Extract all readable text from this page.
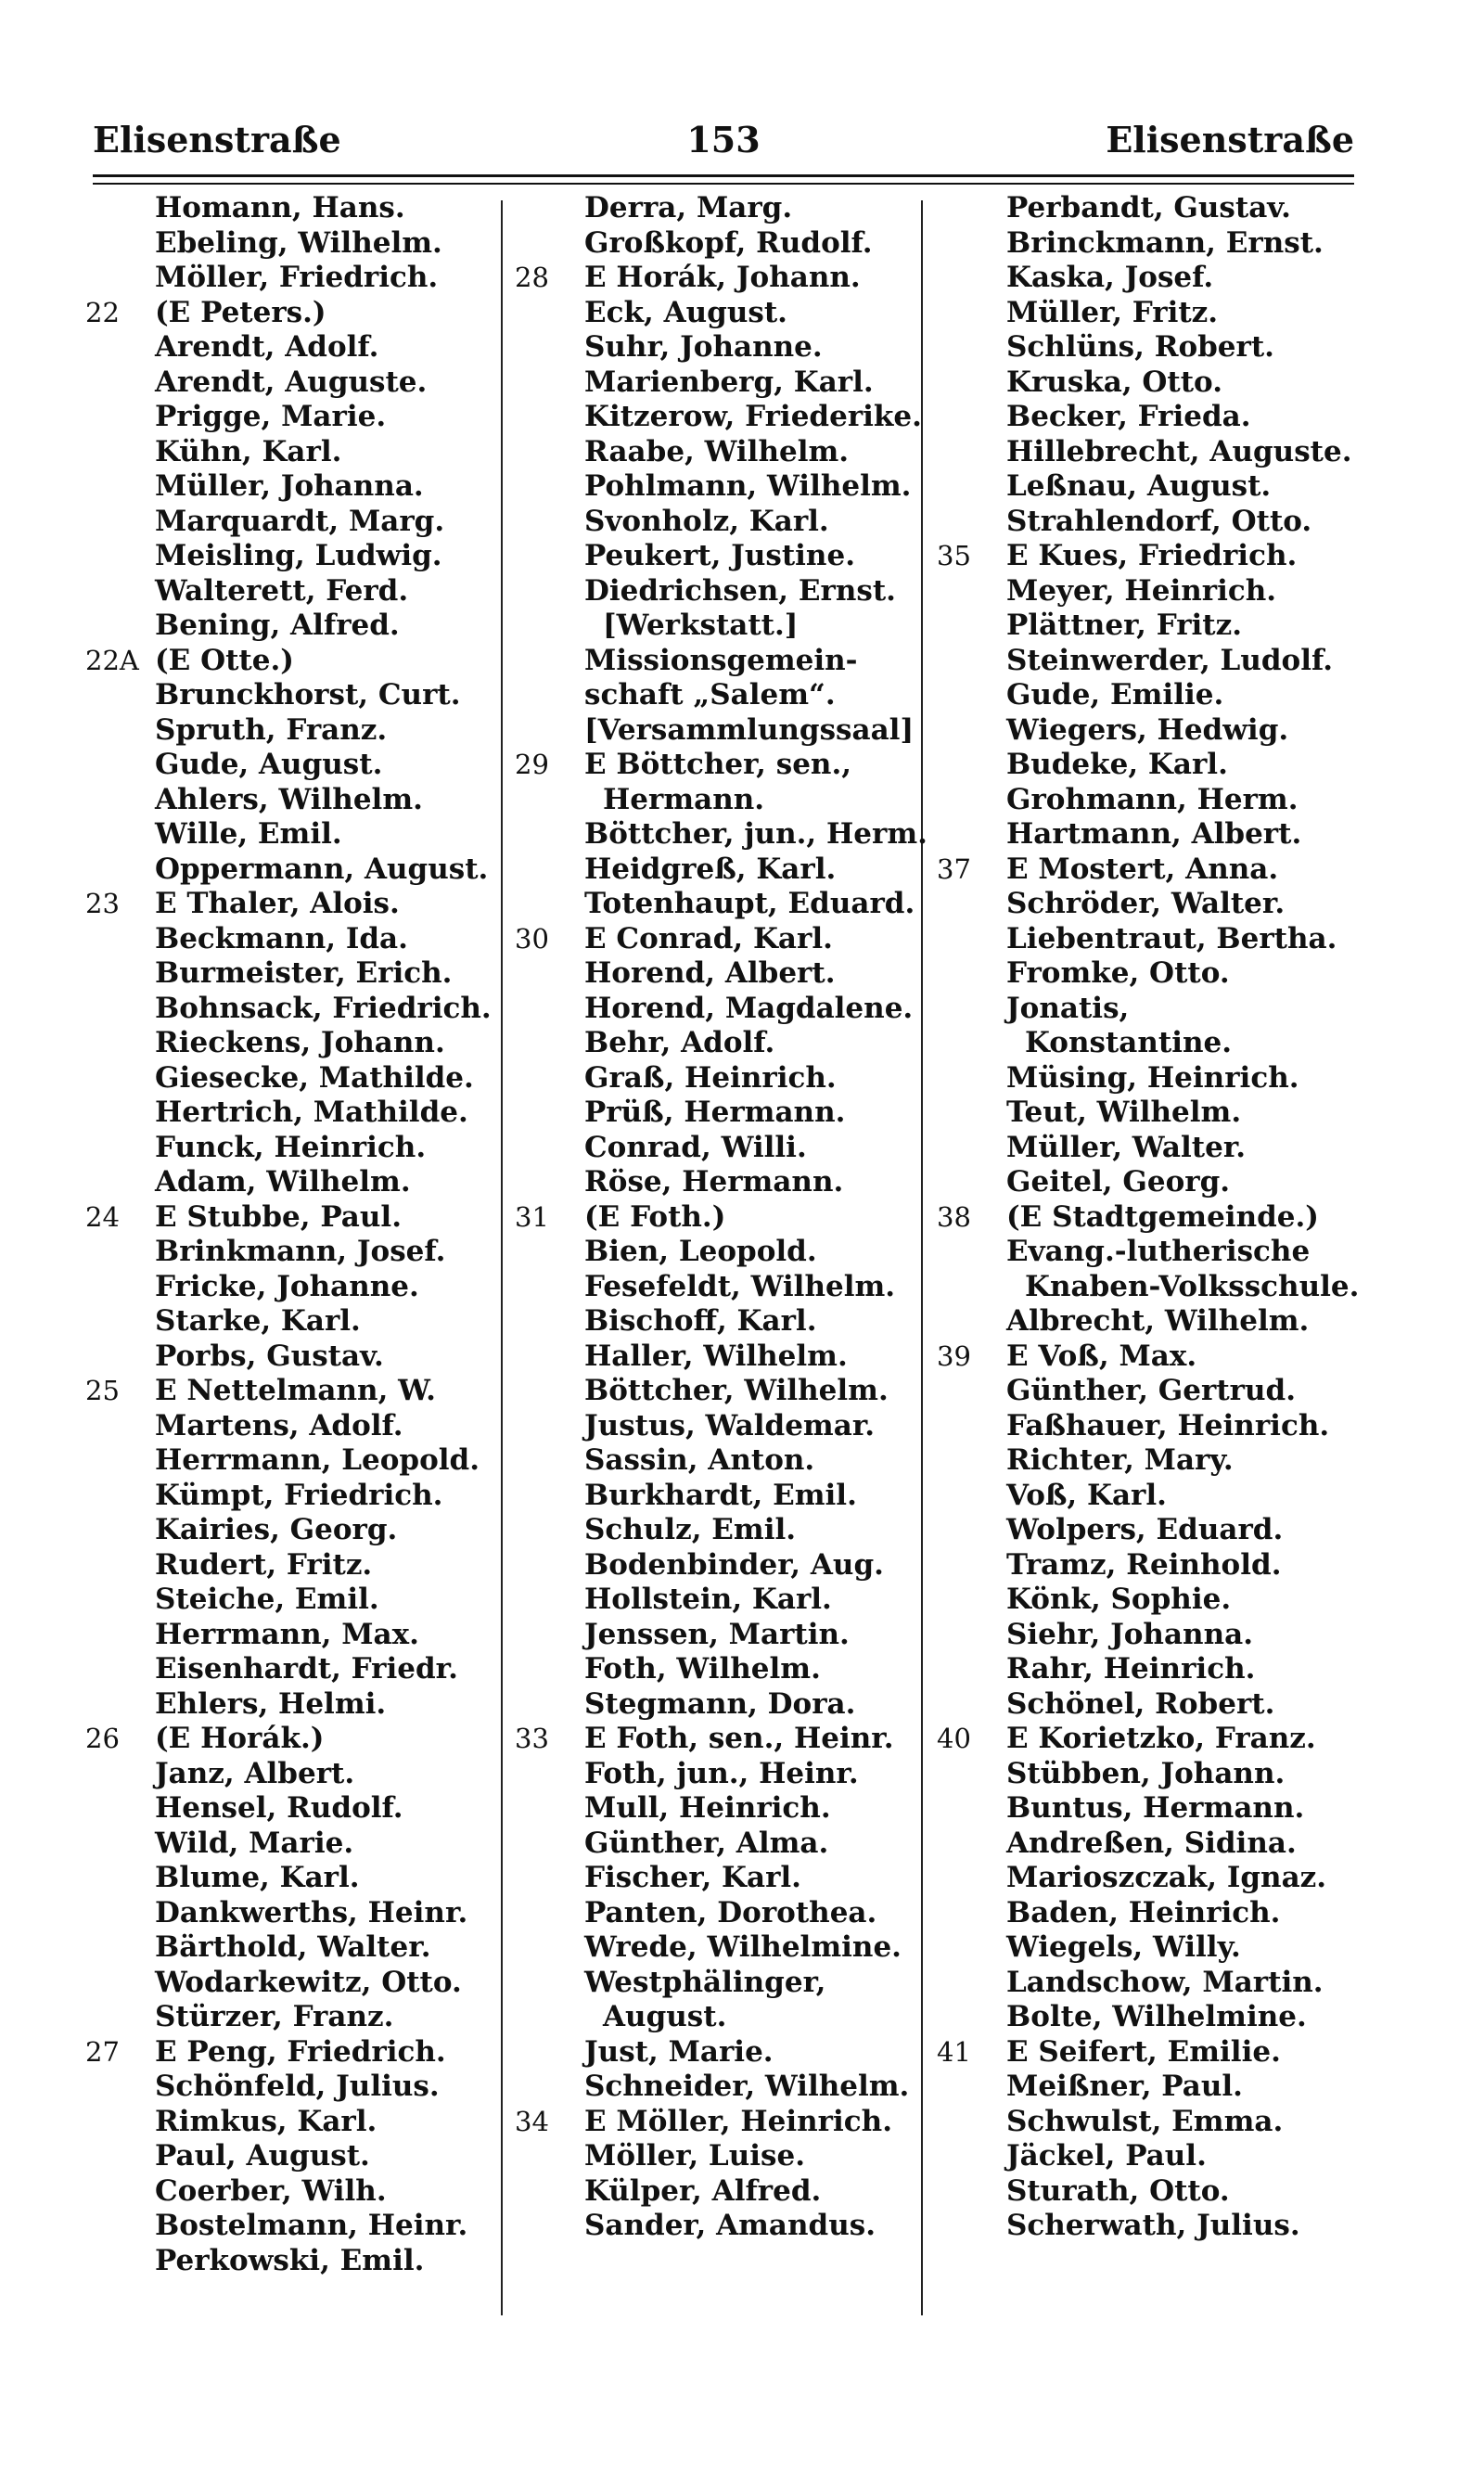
153
Elisenstraße	Elisenstraße
Homann, Hans.
Ebeling, Wilhelm.
Möller, Friedrich.
22 (E Peters.)
Arendt, Adolf.
Arendt, Auguste.
Prigge, Marie.
Kühn, Karl.
Müller, Johanna.
Marquardt, Marg.
Meisling, Ludwig.
Walterett, Ferd.
Bening, Alfred.
22A (E Otte.)
Brunckhorst, Curt.
Spruth, Franz.
Gude, August.
Ahlers, Wilhelm.
Wille, Emil.
Oppermann, August.
23 E Thaler, Alois.
Beckmann, Ida.
Burmeister, Erich.
Bohnsack, Friedrich.
Rieckens, Johann.
Giesecke, Mathilde.
Hertrich, Mathilde.
Funck, Heinrich.
Adam, Wilhelm.
24 E Stubbe, Paul.
Brinkmann, Josef.
Fricke, Johanne.
Starke, Karl.
Porbs, Gustav.
25 E Nettelmann, W.
Martens, Adolf.
Herrmann, Leopold.
Kümpt, Friedrich.
Kairies, Georg.
Rudert, Fritz.
Steiche, Emil.
Herrmann, Max.
Eisenhardt, Friedr.
Ehlers, Helmi.
26 (E Horák.)
Janz, Albert.
Hensel, Rudolf.
Wild, Marie.
Blume, Karl.
Dankwerths, Heinr.
Bärthold, Walter.
Wodarkewitz, Otto.
Stürzer, Franz.
27 E Peng, Friedrich.
Schönfeld, Julius.
Rimkus, Karl.
Paul, August.
Coerber, Wilh.
Bostelmann, Heinr.
Perkowski, Emil.
Derra, Marg.
Großkopf, Rudolf.
28 E Horák, Johann.
Eck, August.
Suhr, Johanne.
Marienberg, Karl.
Kitzerow, Friederike.
Raabe, Wilhelm.
Pohlmann, Wilhelm.
Svonholz, Karl.
Peukert, Justine.
Diedrichsen, Ernst.
[Werkstatt.]
Missionsgemein-
schaft „Salem“.
[Versammlungssaal]
29 E Böttcher, sen.,
Hermann.
Böttcher, jun., Herm.
Heidgreß, Karl.
Totenhaupt, Eduard.
30 E Conrad, Karl.
Horend, Albert.
Horend, Magdalene.
Behr, Adolf.
Graß, Heinrich.
Prüß, Hermann.
Conrad, Willi.
Röse, Hermann.
31 (E Foth.)
Bien, Leopold.
Fesefeldt, Wilhelm.
Bischoff, Karl.
Haller, Wilhelm.
Böttcher, Wilhelm.
Justus, Waldemar.
Sassin, Anton.
Burkhardt, Emil.
Schulz, Emil.
Bodenbinder, Aug.
Hollstein, Karl.
Jenssen, Martin.
Foth, Wilhelm.
Stegmann, Dora.
33 E Foth, sen., Heinr.
Foth, jun., Heinr.
Mull, Heinrich.
Günther, Alma.
Fischer, Karl.
Panten, Dorothea.
Wrede, Wilhelmine.
Westphälinger,
August.
Just, Marie.
Schneider, Wilhelm.
34 E Möller, Heinrich.
Möller, Luise.
Külper, Alfred.
Sander, Amandus.
Perbandt, Gustav.
Brinckmann, Ernst.
Kaska, Josef.
Müller, Fritz.
Schlüns, Robert.
Kruska, Otto.
Becker, Frieda.
Hillebrecht, Auguste.
Leßnau, August.
Strahlendorf, Otto.
35 E Kues, Friedrich.
Meyer, Heinrich.
Plättner, Fritz.
Steinwerder, Ludolf.
Gude, Emilie.
Wiegers, Hedwig.
Budeke, Karl.
Grohmann, Herm.
Hartmann, Albert.
37 E Mostert, Anna.
Schröder, Walter.
Liebentraut, Bertha.
Fromke, Otto.
Jonatis,
Konstantine.
Müsing, Heinrich.
Teut, Wilhelm.
Müller, Walter.
Geitel, Georg.
38 (E Stadtgemeinde.)
Evang.-lutherische
Knaben-Volksschule.
Albrecht, Wilhelm.
39 E Voß, Max.
Günther, Gertrud.
Faßhauer, Heinrich.
Richter, Mary.
Voß, Karl.
Wolpers, Eduard.
Tramz, Reinhold.
Könk, Sophie.
Siehr, Johanna.
Rahr, Heinrich.
Schönel, Robert.
40 E Korietzko, Franz.
Stübben, Johann.
Buntus, Hermann.
Andreßen, Sidina.
Marioszczak, Ignaz.
Baden, Heinrich.
Wiegels, Willy.
Landschow, Martin.
Bolte, Wilhelmine.
41 E Seifert, Emilie.
Meißner, Paul.
Schwulst, Emma.
Jäckel, Paul.
Sturath, Otto.
Scherwath, Julius.
